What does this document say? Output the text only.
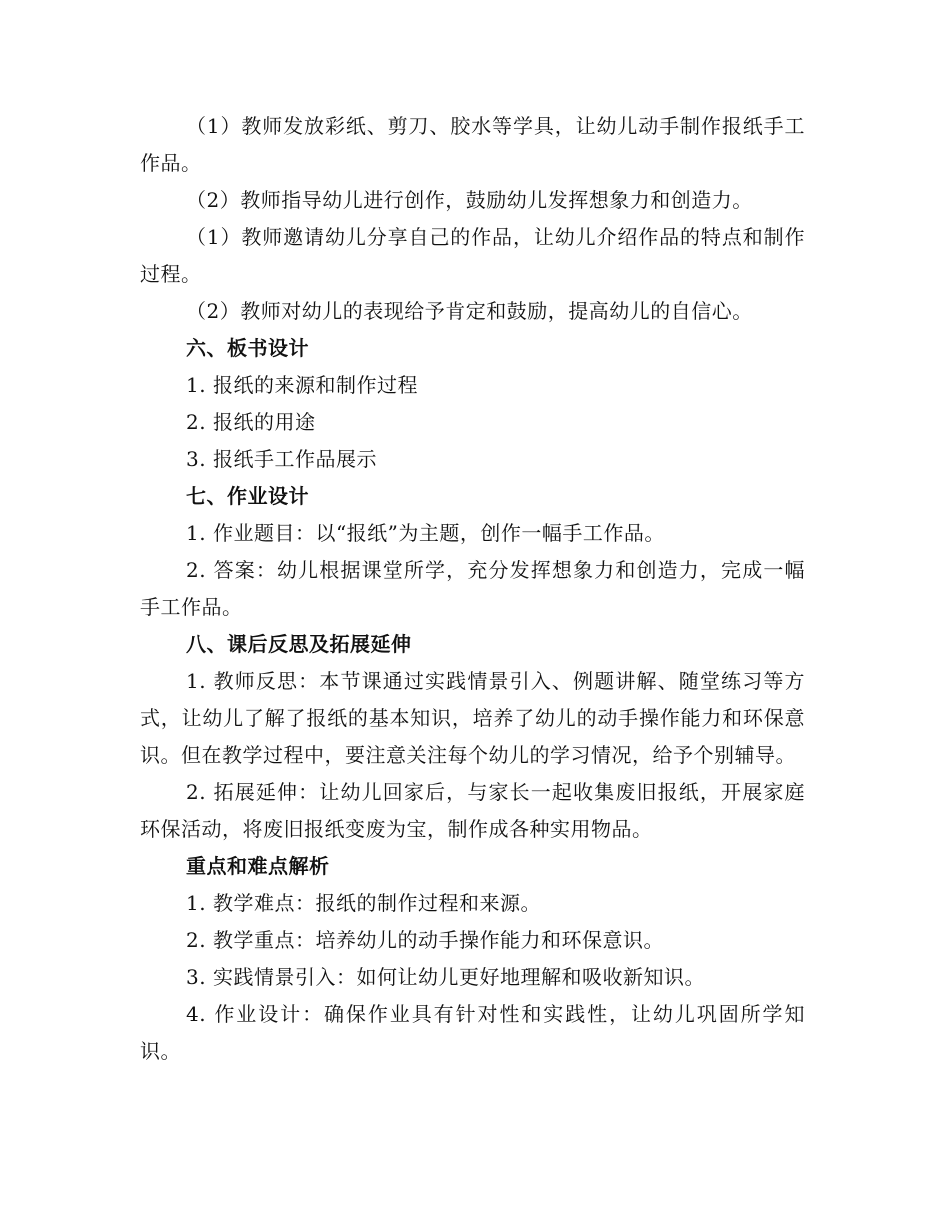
（1）教师发放彩纸、剪刀、胶水等学具，让幼儿动手制作报纸手工作品。

（2）教师指导幼儿进行创作，鼓励幼儿发挥想象力和创造力。

（1）教师邀请幼儿分享自己的作品，让幼儿介绍作品的特点和制作过程。

（2）教师对幼儿的表现给予肯定和鼓励，提高幼儿的自信心。

六、板书设计

1. 报纸的来源和制作过程

2. 报纸的用途

3. 报纸手工作品展示

七、作业设计

1. 作业题目：以“报纸”为主题，创作一幅手工作品。

2. 答案：幼儿根据课堂所学，充分发挥想象力和创造力，完成一幅手工作品。

八、课后反思及拓展延伸

1. 教师反思：本节课通过实践情景引入、例题讲解、随堂练习等方式，让幼儿了解了报纸的基本知识，培养了幼儿的动手操作能力和环保意识。但在教学过程中，要注意关注每个幼儿的学习情况，给予个别辅导。

2. 拓展延伸：让幼儿回家后，与家长一起收集废旧报纸，开展家庭环保活动，将废旧报纸变废为宝，制作成各种实用物品。

重点和难点解析

1. 教学难点：报纸的制作过程和来源。

2. 教学重点：培养幼儿的动手操作能力和环保意识。

3. 实践情景引入：如何让幼儿更好地理解和吸收新知识。

4. 作业设计：确保作业具有针对性和实践性，让幼儿巩固所学知识。
